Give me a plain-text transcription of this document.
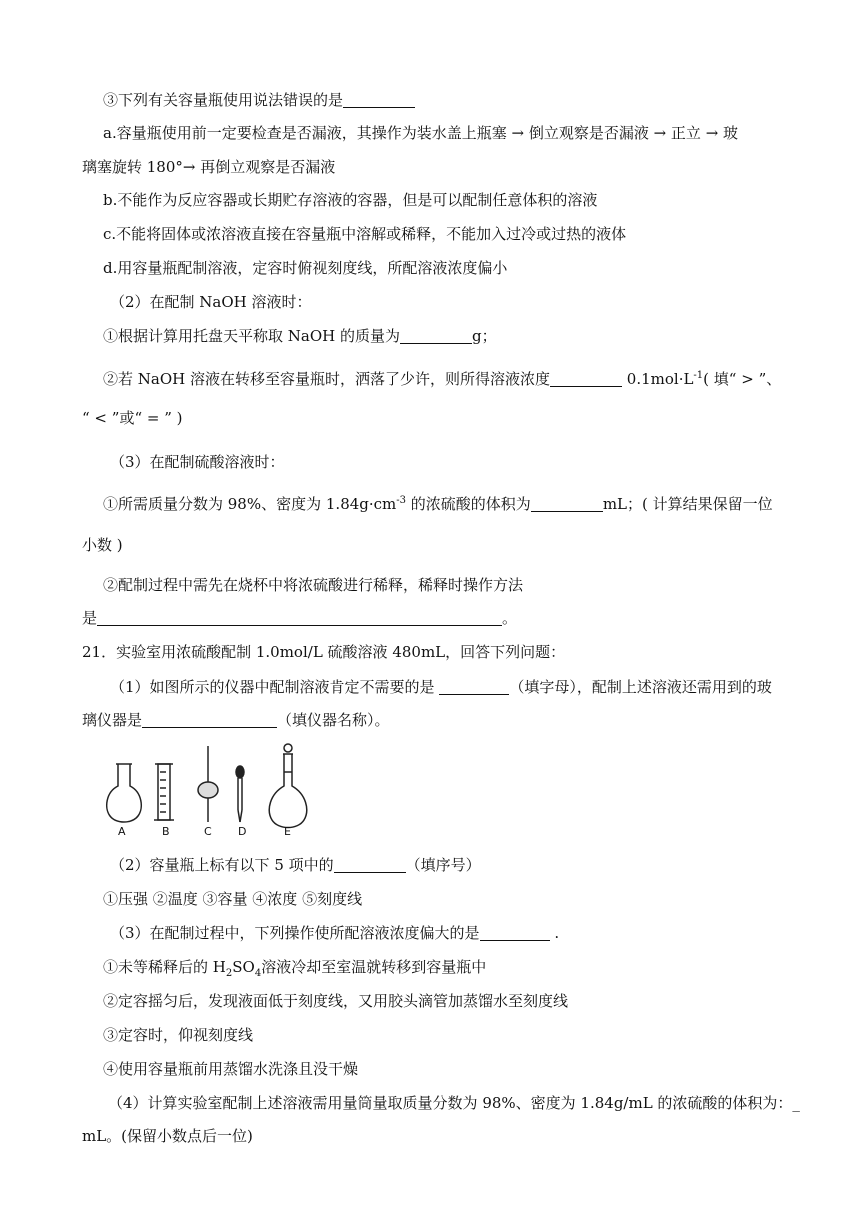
③下列有关容量瓶使用说法错误的是
a.容量瓶使用前一定要检查是否漏液，其操作为装水盖上瓶塞 → 倒立观察是否漏液 → 正立 → 玻
璃塞旋转 180°→ 再倒立观察是否漏液
b.不能作为反应容器或长期贮存溶液的容器，但是可以配制任意体积的溶液
c.不能将固体或浓溶液直接在容量瓶中溶解或稀释，不能加入过冷或过热的液体
d.用容量瓶配制溶液，定容时俯视刻度线，所配溶液浓度偏小
（2）在配制 NaOH 溶液时：
①根据计算用托盘天平称取 NaOH 的质量为	g；
②若 NaOH 溶液在转移至容量瓶时，洒落了少许，则所得溶液浓度	$0.1mol\cdot L^{-1}$( 填“ > ”、
“ < ”或“ = ” )
（3）在配制硫酸溶液时：
①所需质量分数为 98%、密度为 $1.84g\cdot cm^{-3}$ 的浓硫酸的体积为	mL；( 计算结果保留一位
小数 )
②配制过程中需先在烧杯中将浓硫酸进行稀释，稀释时操作方法
是	。
21．实验室用浓硫酸配制 1.0mol/L 硫酸溶液 480mL，回答下列问题：
（1）如图所示的仪器中配制溶液肯定不需要的是	（填字母），配制上述溶液还需用到的玻
璃仪器是	（填仪器名称）。
A	B	C D	E
（2）容量瓶上标有以下 5 项中的	（填序号）
①压强 ②温度 ③容量 ④浓度 ⑤刻度线
（3）在配制过程中，下列操作使所配溶液浓度偏大的是	.
①未等稀释后的 $H_2SO_4$溶液冷却至室温就转移到容量瓶中
②定容摇匀后，发现液面低于刻度线，又用胶头滴管加蒸馏水至刻度线
③定容时，仰视刻度线
④使用容量瓶前用蒸馏水洗涤且没干燥
（4）计算实验室配制上述溶液需用量筒量取质量分数为 98%、密度为 1.84g/mL 的浓硫酸的体积为：_
mL。(保留小数点后一位)
